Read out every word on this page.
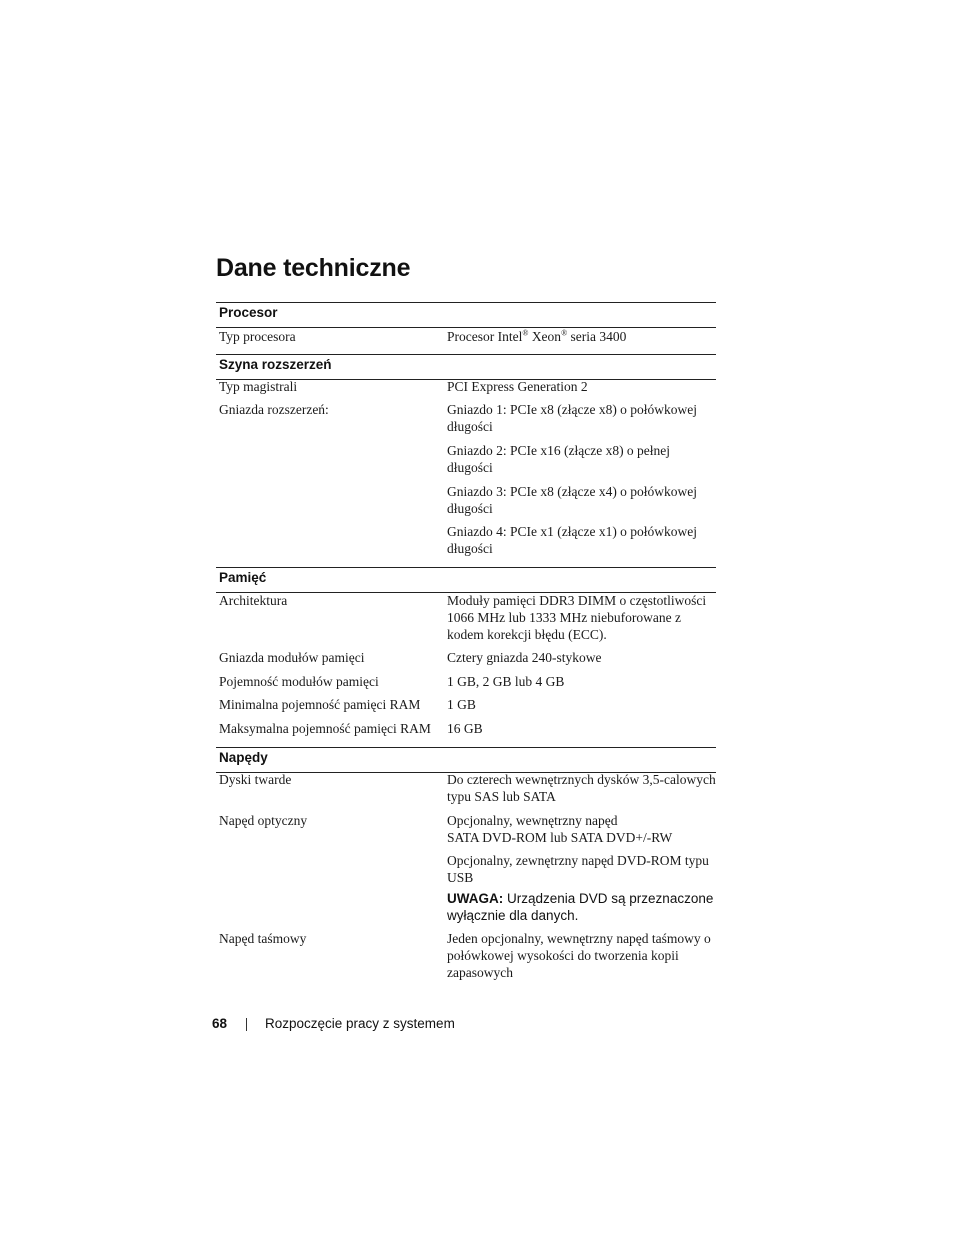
Dane techniczne
Procesor
Typ procesora	Procesor Intel® Xeon® seria 3400
Szyna rozszerzeń
Typ magistrali	PCI Express Generation 2
Gniazda rozszerzeń:	Gniazdo 1: PCIe x8 (złącze x8) o połówkowej długości
Gniazdo 2: PCIe x16 (złącze x8) o pełnej długości
Gniazdo 3: PCIe x8 (złącze x4) o połówkowej długości
Gniazdo 4: PCIe x1 (złącze x1) o połówkowej długości
Pamięć
Architektura	Moduły pamięci DDR3 DIMM o częstotliwości 1066 MHz lub 1333 MHz niebuforowane z kodem korekcji błędu (ECC).
Gniazda modułów pamięci	Cztery gniazda 240-stykowe
Pojemność modułów pamięci	1 GB, 2 GB lub 4 GB
Minimalna pojemność pamięci RAM	1 GB
Maksymalna pojemność pamięci RAM	16 GB
Napędy
Dyski twarde	Do czterech wewnętrznych dysków 3,5-calowych typu SAS lub SATA
Napęd optyczny	Opcjonalny, wewnętrzny napęd
SATA DVD-ROM lub SATA DVD+/-RW
Opcjonalny, zewnętrzny napęd DVD-ROM typu USB
UWAGA: Urządzenia DVD są przeznaczone wyłącznie dla danych.
Napęd taśmowy	Jeden opcjonalny, wewnętrzny napęd taśmowy o połówkowej wysokości do tworzenia kopii zapasowych
68	Rozpoczęcie pracy z systemem
